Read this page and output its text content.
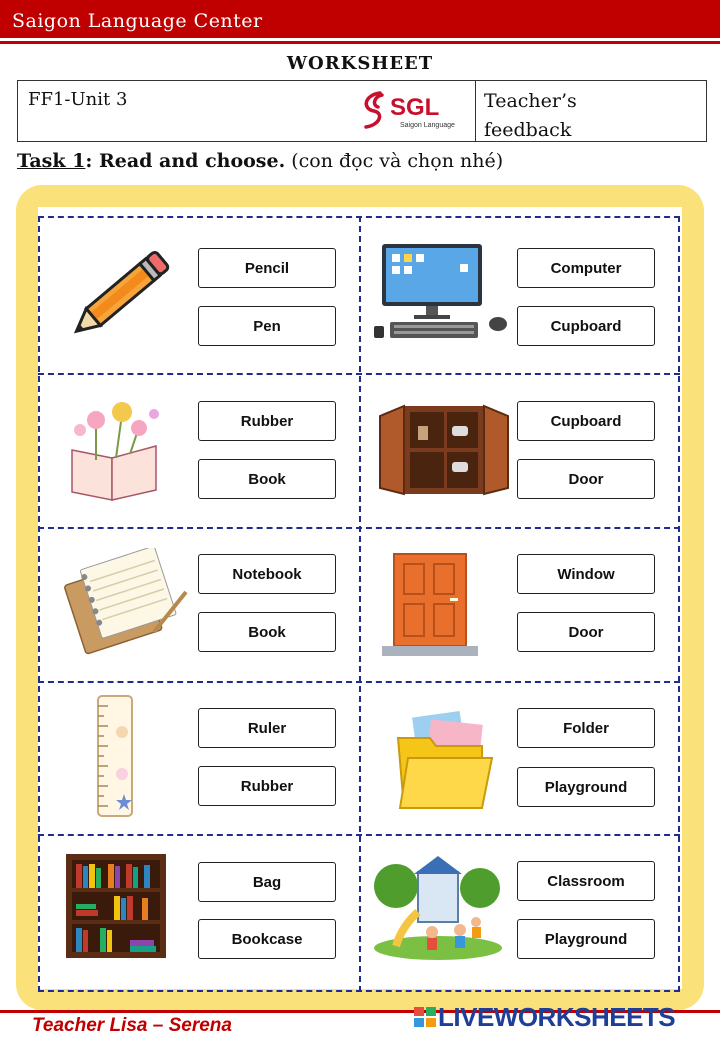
Saigon Language Center
WORKSHEET
FF1-Unit 3	SGL
Saigon Language
Teacher’s
feedback
Task 1: Read and choose. (con đọc và chọn nhé)
Pencil
Pen
Computer
Cupboard
Rubber
Book
Cupboard
Door
Notebook
Book
Window
Door
Ruler
Rubber
Folder
Playground
Bag
Bookcase
Classroom
Playground
Teacher Lisa – Serena	LIVEWORKSHEETS
